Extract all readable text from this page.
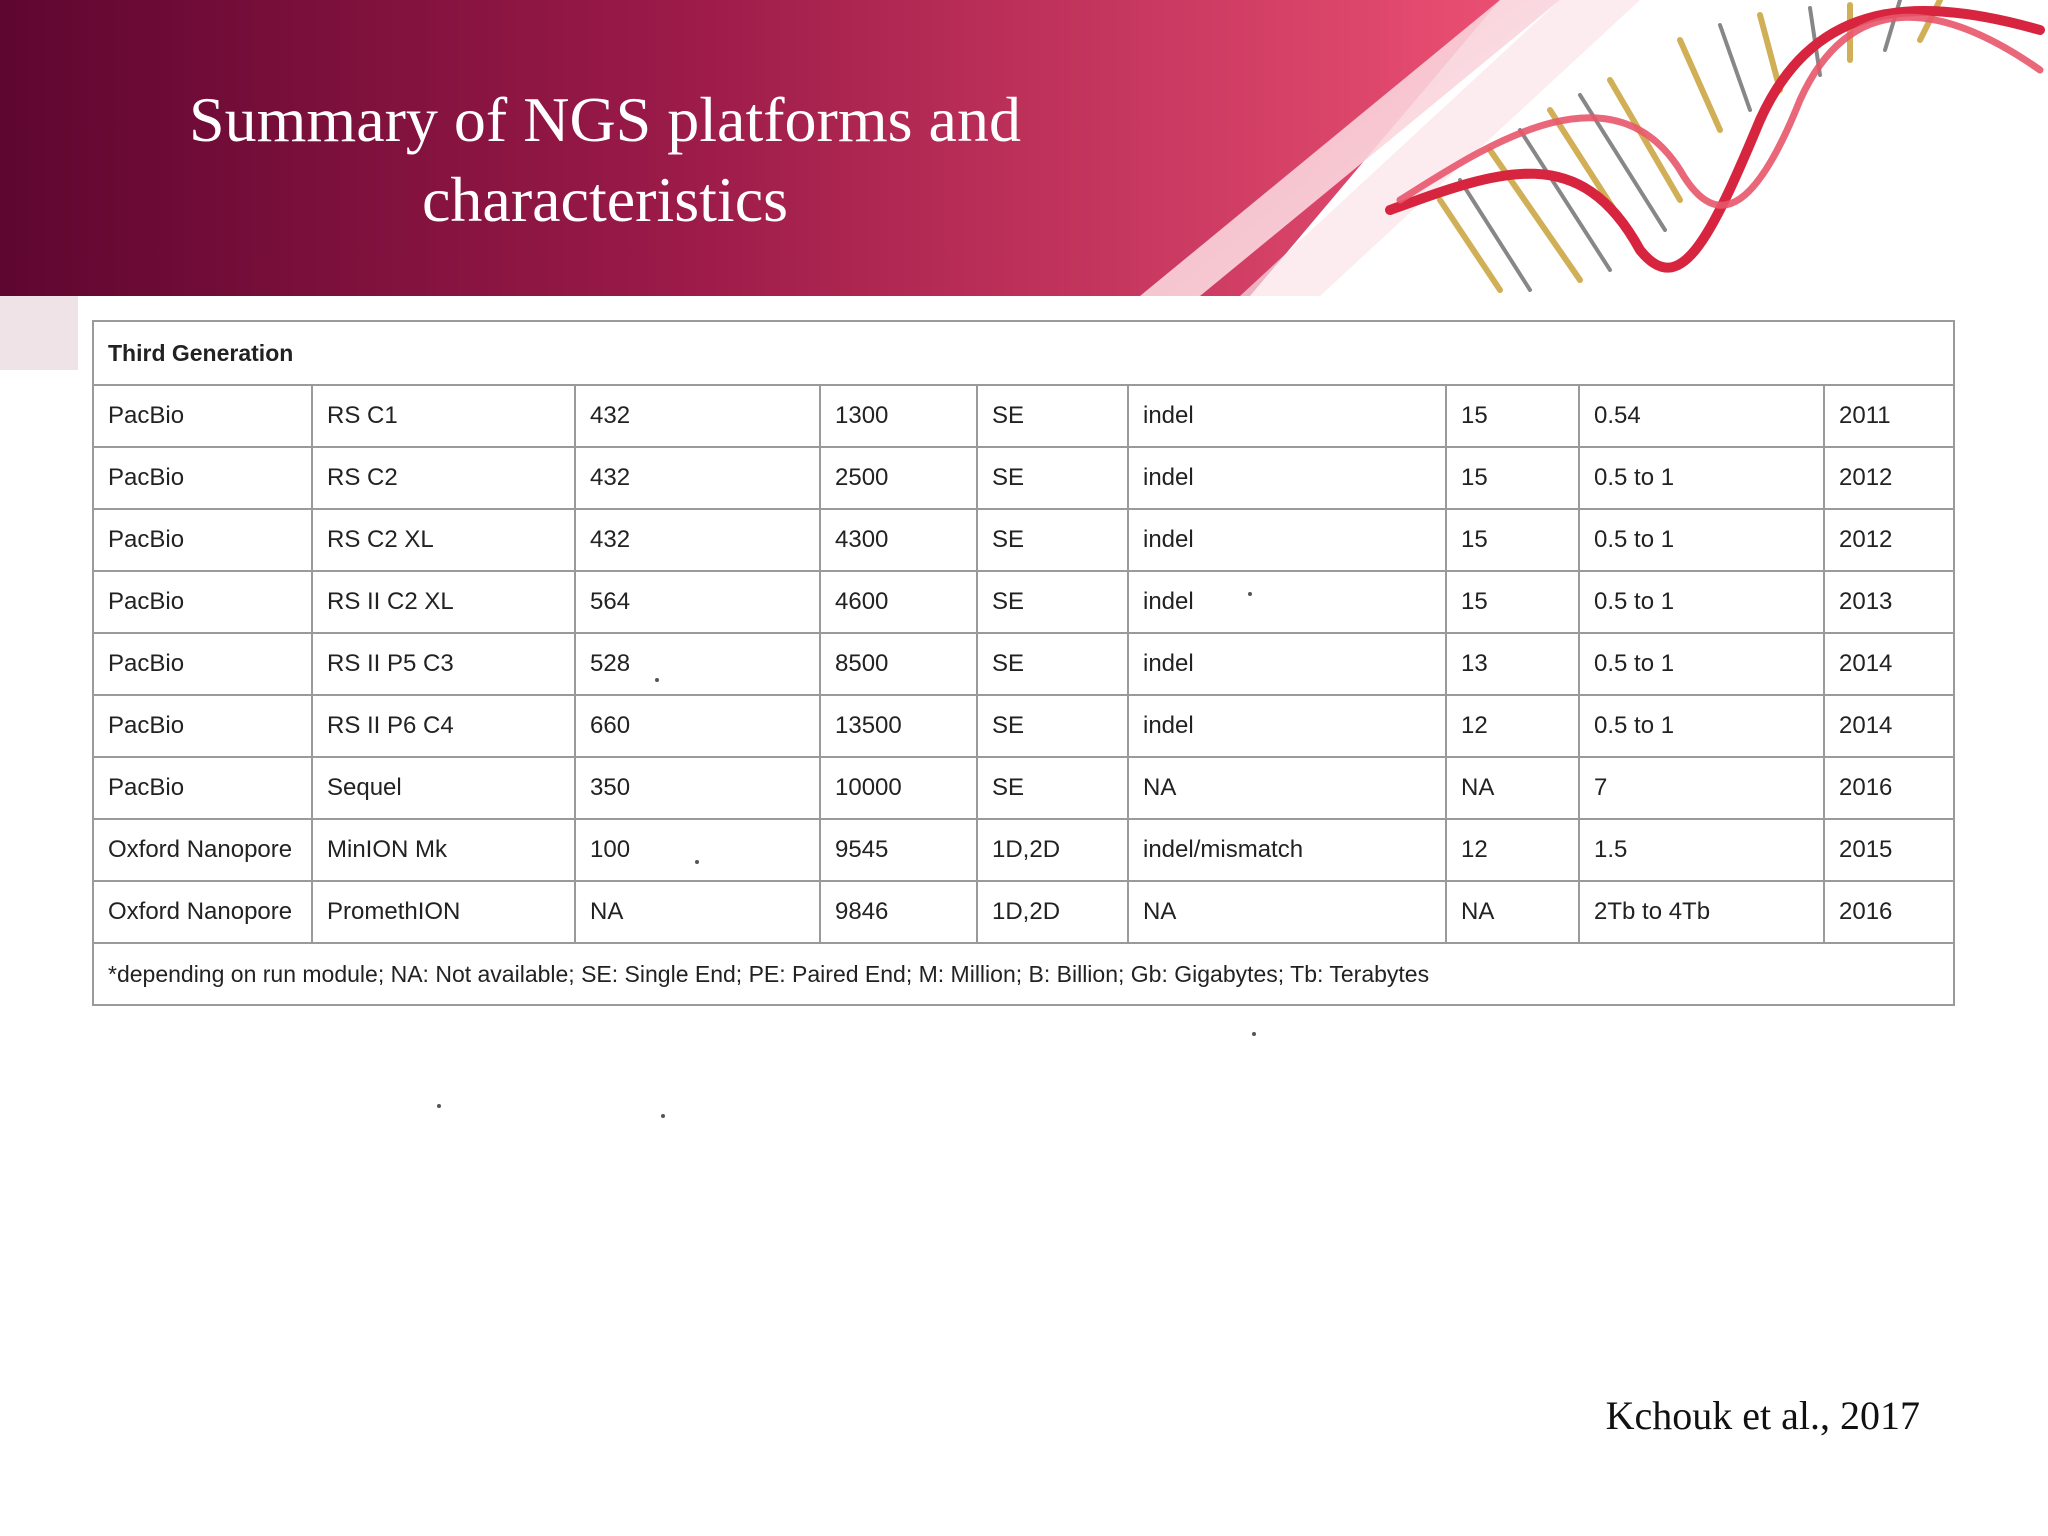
Summary of NGS platforms and
characteristics

Third Generation								
PacBio	RS C1	432	1300	SE	indel	15	0.54	2011
PacBio	RS C2	432	2500	SE	indel	15	0.5 to 1	2012
PacBio	RS C2 XL	432	4300	SE	indel	15	0.5 to 1	2012
PacBio	RS II C2 XL	564	4600	SE	indel	15	0.5 to 1	2013
PacBio	RS II P5 C3	528	8500	SE	indel	13	0.5 to 1	2014
PacBio	RS II P6 C4	660	13500	SE	indel	12	0.5 to 1	2014
PacBio	Sequel	350	10000	SE	NA	NA	7	2016
Oxford Nanopore	MinION Mk	100	9545	1D,2D	indel/mismatch	12	1.5	2015
Oxford Nanopore	PromethION	NA	9846	1D,2D	NA	NA	2Tb to 4Tb	2016
*depending on run module; NA: Not available; SE: Single End; PE: Paired End; M: Million; B: Billion; Gb: Gigabytes; Tb: Terabytes								
Kchouk et al., 2017
